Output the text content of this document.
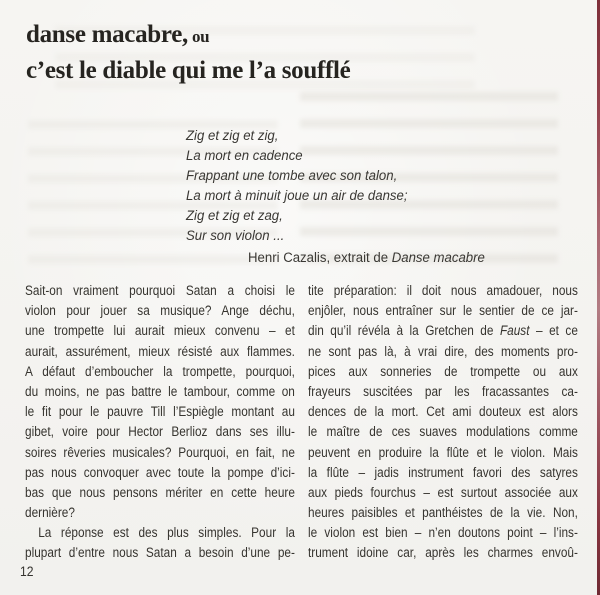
danse macabre, ou
c’est le diable qui me l’a soufflé
Zig et zig et zig,
La mort en cadence
Frappant une tombe avec son talon,
La mort à minuit joue un air de danse;
Zig et zig et zag,
Sur son violon ...
Henri Cazalis, extrait de Danse macabre
Sait-on vraiment pourquoi Satan a choisi le
violon pour jouer sa musique? Ange déchu,
une trompette lui aurait mieux convenu – et
aurait, assurément, mieux résisté aux flammes.
A défaut d’emboucher la trompette, pourquoi,
du moins, ne pas battre le tambour, comme on
le fit pour le pauvre Till l’Espiègle montant au
gibet, voire pour Hector Berlioz dans ses illu-
soires rêveries musicales? Pourquoi, en fait, ne
pas nous convoquer avec toute la pompe d’ici-
bas que nous pensons mériter en cette heure
dernière?
La réponse est des plus simples. Pour la
plupart d’entre nous Satan a besoin d’une pe-
tite préparation: il doit nous amadouer, nous
enjôler, nous entraîner sur le sentier de ce jar-
din qu’il révéla à la Gretchen de Faust – et ce
ne sont pas là, à vrai dire, des moments pro-
pices aux sonneries de trompette ou aux
frayeurs suscitées par les fracassantes ca-
dences de la mort. Cet ami douteux est alors
le maître de ces suaves modulations comme
peuvent en produire la flûte et le violon. Mais
la flûte – jadis instrument favori des satyres
aux pieds fourchus – est surtout associée aux
heures paisibles et panthéistes de la vie. Non,
le violon est bien – n’en doutons point – l’ins-
trument idoine car, après les charmes envoû-
12
